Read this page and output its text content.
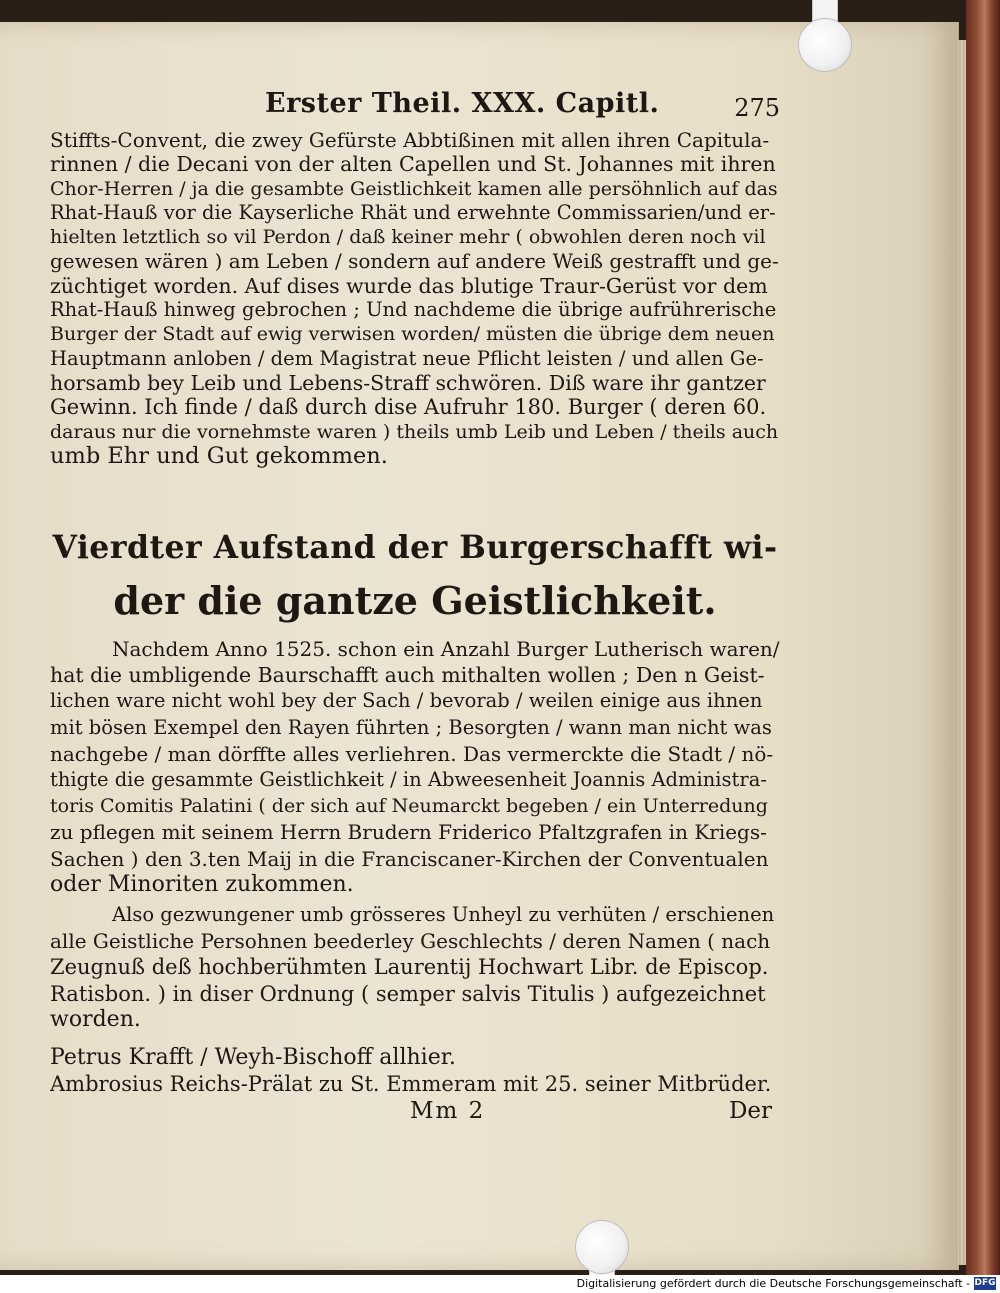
Erster Theil. XXX. Capitl.	275
Stiffts-Convent, die zwey Gefürste Abbtißinen mit allen ihren Capitula-
rinnen / die Decani von der alten Capellen und St. Johannes mit ihren
Chor-Herren / ja die gesambte Geistlichkeit kamen alle persöhnlich auf das
Rhat-Hauß vor die Kayserliche Rhät und erwehnte Commissarien/und er-
hielten letztlich so vil Perdon / daß keiner mehr ( obwohlen deren noch vil
gewesen wären ) am Leben / sondern auf andere Weiß gestrafft und ge-
züchtiget worden. Auf dises wurde das blutige Traur-Gerüst vor dem
Rhat-Hauß hinweg gebrochen ; Und nachdeme die übrige aufrührerische
Burger der Stadt auf ewig verwisen worden/ müsten die übrige dem neuen
Hauptmann anloben / dem Magistrat neue Pflicht leisten / und allen Ge-
horsamb bey Leib und Lebens-Straff schwören. Diß ware ihr gantzer
Gewinn. Ich finde / daß durch dise Aufruhr 180. Burger ( deren 60.
daraus nur die vornehmste waren ) theils umb Leib und Leben / theils auch
umb Ehr und Gut gekommen.
Vierdter Aufstand der Burgerschafft wi-
der die gantze Geistlichkeit.
Nachdem Anno 1525. schon ein Anzahl Burger Lutherisch waren/
hat die umbligende Baurschafft auch mithalten wollen ; Den n Geist-
lichen ware nicht wohl bey der Sach / bevorab / weilen einige aus ihnen
mit bösen Exempel den Rayen führten ; Besorgten / wann man nicht was
nachgebe / man dörffte alles verliehren. Das vermerckte die Stadt / nö-
thigte die gesammte Geistlichkeit / in Abweesenheit Joannis Administra-
toris Comitis Palatini ( der sich auf Neumarckt begeben / ein Unterredung
zu pflegen mit seinem Herrn Brudern Friderico Pfaltzgrafen in Kriegs-
Sachen ) den 3.ten Maij in die Franciscaner-Kirchen der Conventualen
oder Minoriten zukommen.
Also gezwungener umb grösseres Unheyl zu verhüten / erschienen
alle Geistliche Persohnen beederley Geschlechts / deren Namen ( nach
Zeugnuß deß hochberühmten Laurentij Hochwart Libr. de Episcop.
Ratisbon. ) in diser Ordnung ( semper salvis Titulis ) aufgezeichnet
worden.
Petrus Krafft / Weyh-Bischoff allhier.
Ambrosius Reichs-Prälat zu St. Emmeram mit 25. seiner Mitbrüder.
Mm 2	Der
Digitalisierung gefördert durch die Deutsche Forschungsgemeinschaft - DFG
